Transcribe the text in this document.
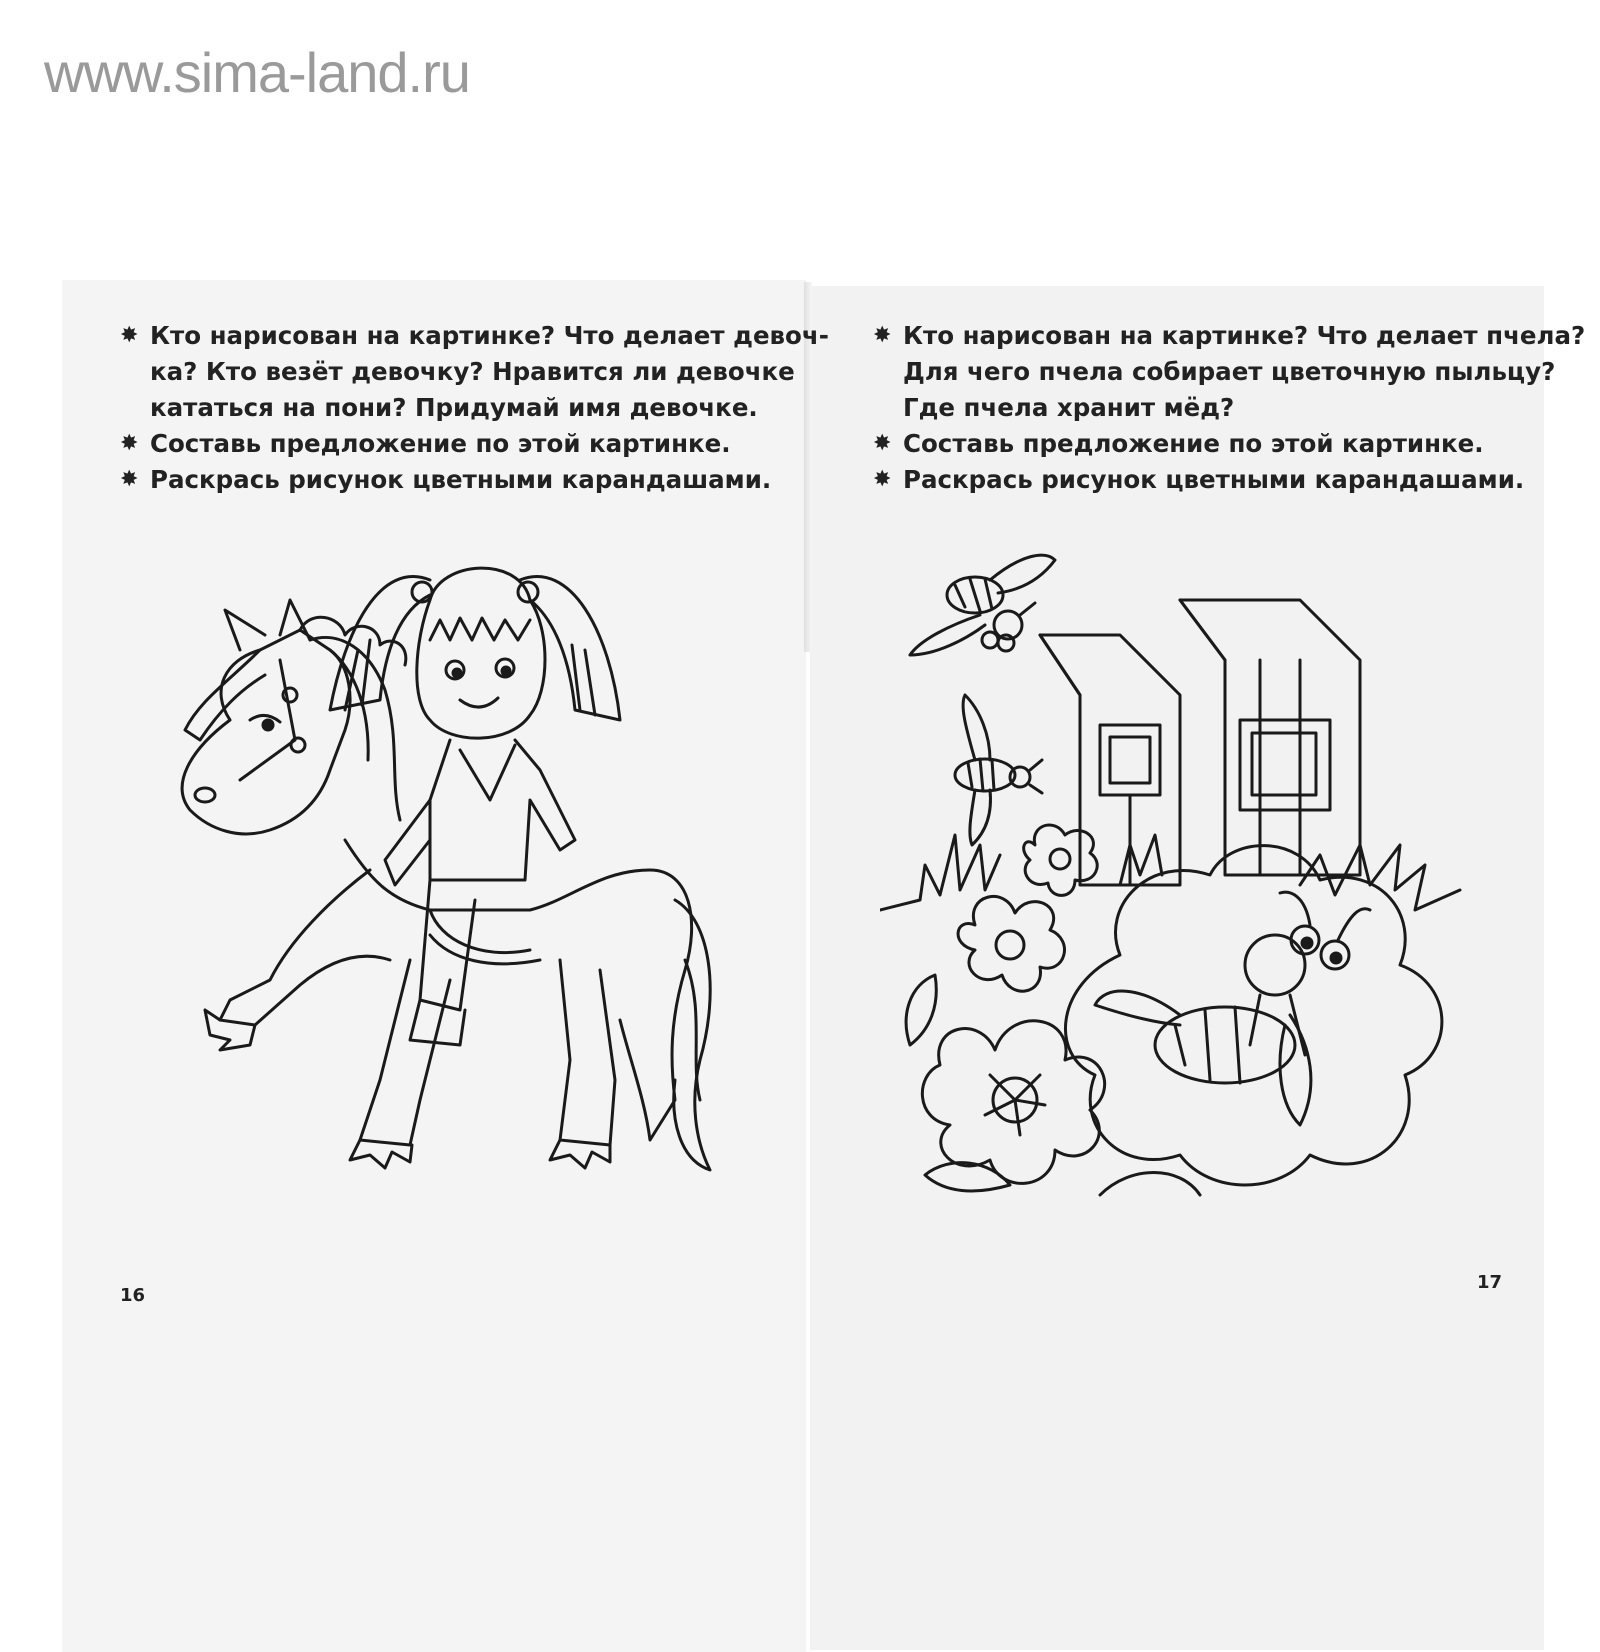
www.sima-land.ru
✸ Кто нарисован на картинке? Что делает девоч-
ка? Кто везёт девочку? Нравится ли девочке
кататься на пони? Придумай имя девочке.
✸ Составь предложение по этой картинке.
✸ Раскрась рисунок цветными карандашами.
✸ Кто нарисован на картинке? Что делает пчела?
Для чего пчела собирает цветочную пыльцу?
Где пчела хранит мёд?
✸ Составь предложение по этой картинке.
✸ Раскрась рисунок цветными карандашами.
16
17
